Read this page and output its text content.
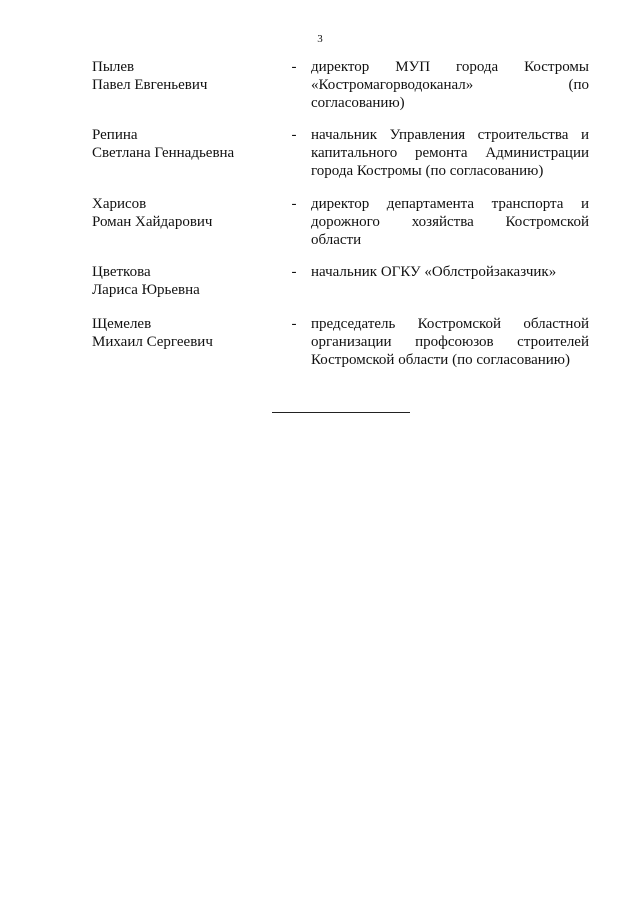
3
Пылев
Павел Евгеньевич
- директор МУП города Костромы
«Костромагорводоканал» (по
согласованию)
Репина
Светлана Геннадьевна
- начальник Управления строительства и
капитального ремонта Администрации
города Костромы (по согласованию)
Харисов
Роман Хайдарович
- директор департамента транспорта и
дорожного хозяйства Костромской
области
Цветкова
Лариса Юрьевна
- начальник ОГКУ «Облстройзаказчик»
Щемелев
Михаил Сергеевич
- председатель Костромской областной
организации профсоюзов строителей
Костромской области (по согласованию)
